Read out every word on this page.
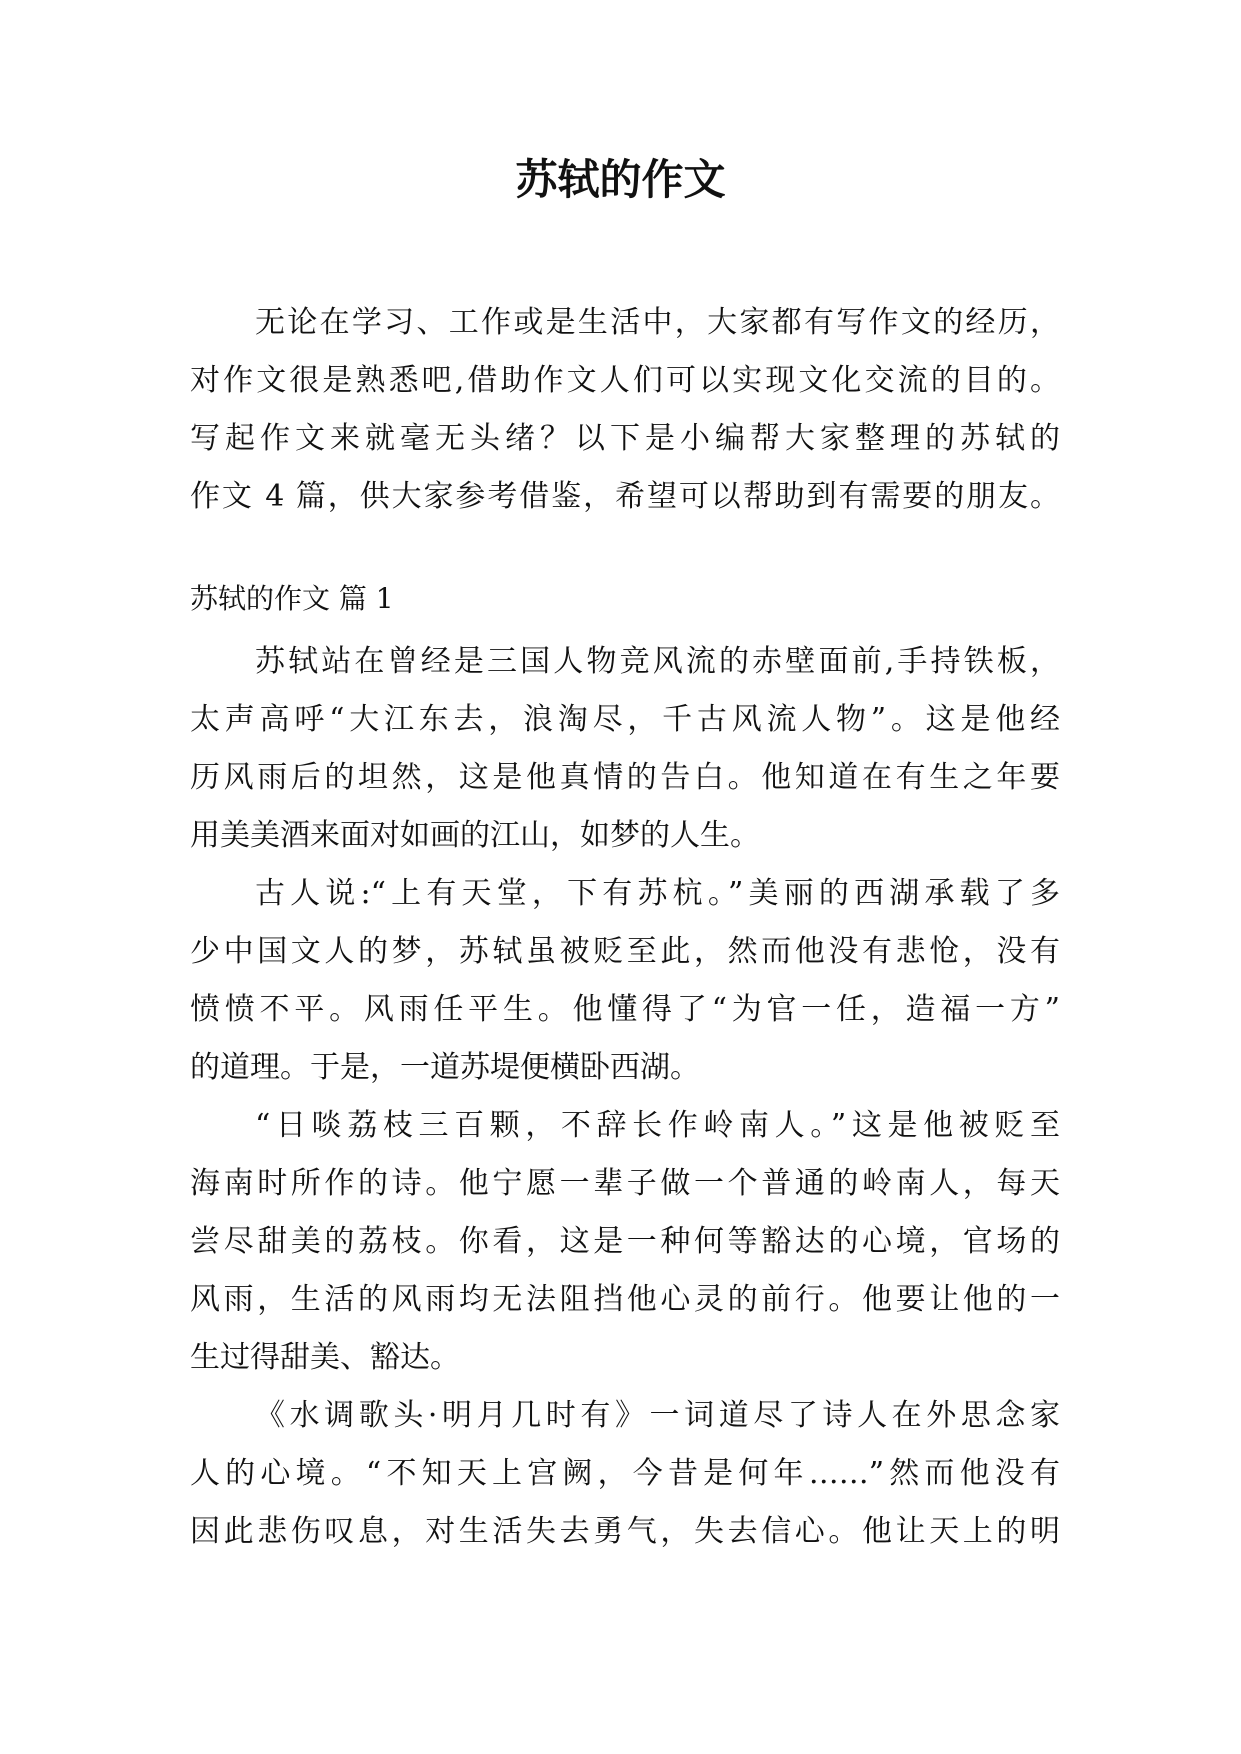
苏轼的作文

无论在学习、工作或是生活中，大家都有写作文的经历，

对作文很是熟悉吧,借助作文人们可以实现文化交流的目的。

写起作文来就毫无头绪？以下是小编帮大家整理的苏轼的

作文 4 篇，供大家参考借鉴，希望可以帮助到有需要的朋友。

苏轼的作文 篇 1

苏轼站在曾经是三国人物竞风流的赤壁面前,手持铁板，

太声高呼“大江东去，浪淘尽，千古风流人物”。这是他经

历风雨后的坦然，这是他真情的告白。他知道在有生之年要

用美美酒来面对如画的江山，如梦的人生。

古人说:“上有天堂，下有苏杭。”美丽的西湖承载了多

少中国文人的梦，苏轼虽被贬至此，然而他没有悲怆，没有

愤愤不平。风雨任平生。他懂得了“为官一任，造福一方”

的道理。于是，一道苏堤便横卧西湖。

“日啖荔枝三百颗，不辞长作岭南人。”这是他被贬至

海南时所作的诗。他宁愿一辈子做一个普通的岭南人，每天

尝尽甜美的荔枝。你看，这是一种何等豁达的心境，官场的

风雨，生活的风雨均无法阻挡他心灵的前行。他要让他的一

生过得甜美、豁达。

《水调歌头·明月几时有》一词道尽了诗人在外思念家

人的心境。“不知天上宫阙，今昔是何年……”然而他没有

因此悲伤叹息，对生活失去勇气，失去信心。他让天上的明
